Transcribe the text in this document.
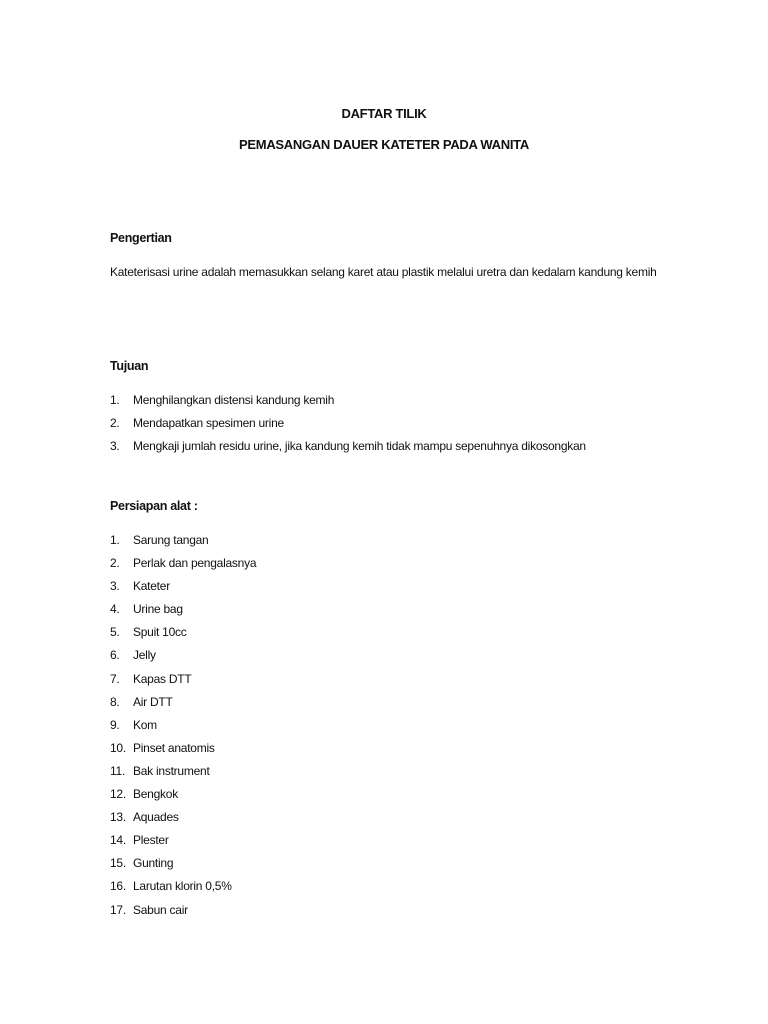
DAFTAR TILIK
PEMASANGAN DAUER KATETER PADA WANITA
Pengertian
Kateterisasi urine adalah memasukkan selang karet atau plastik melalui uretra dan kedalam kandung kemih
Tujuan
1. Menghilangkan distensi kandung kemih
2. Mendapatkan spesimen urine
3. Mengkaji jumlah residu urine, jika kandung kemih tidak mampu sepenuhnya dikosongkan
Persiapan alat :
1. Sarung tangan
2. Perlak dan pengalasnya
3. Kateter
4. Urine bag
5. Spuit 10cc
6. Jelly
7. Kapas DTT
8. Air DTT
9. Kom
10. Pinset anatomis
11. Bak instrument
12. Bengkok
13. Aquades
14. Plester
15. Gunting
16. Larutan klorin 0,5%
17. Sabun cair
